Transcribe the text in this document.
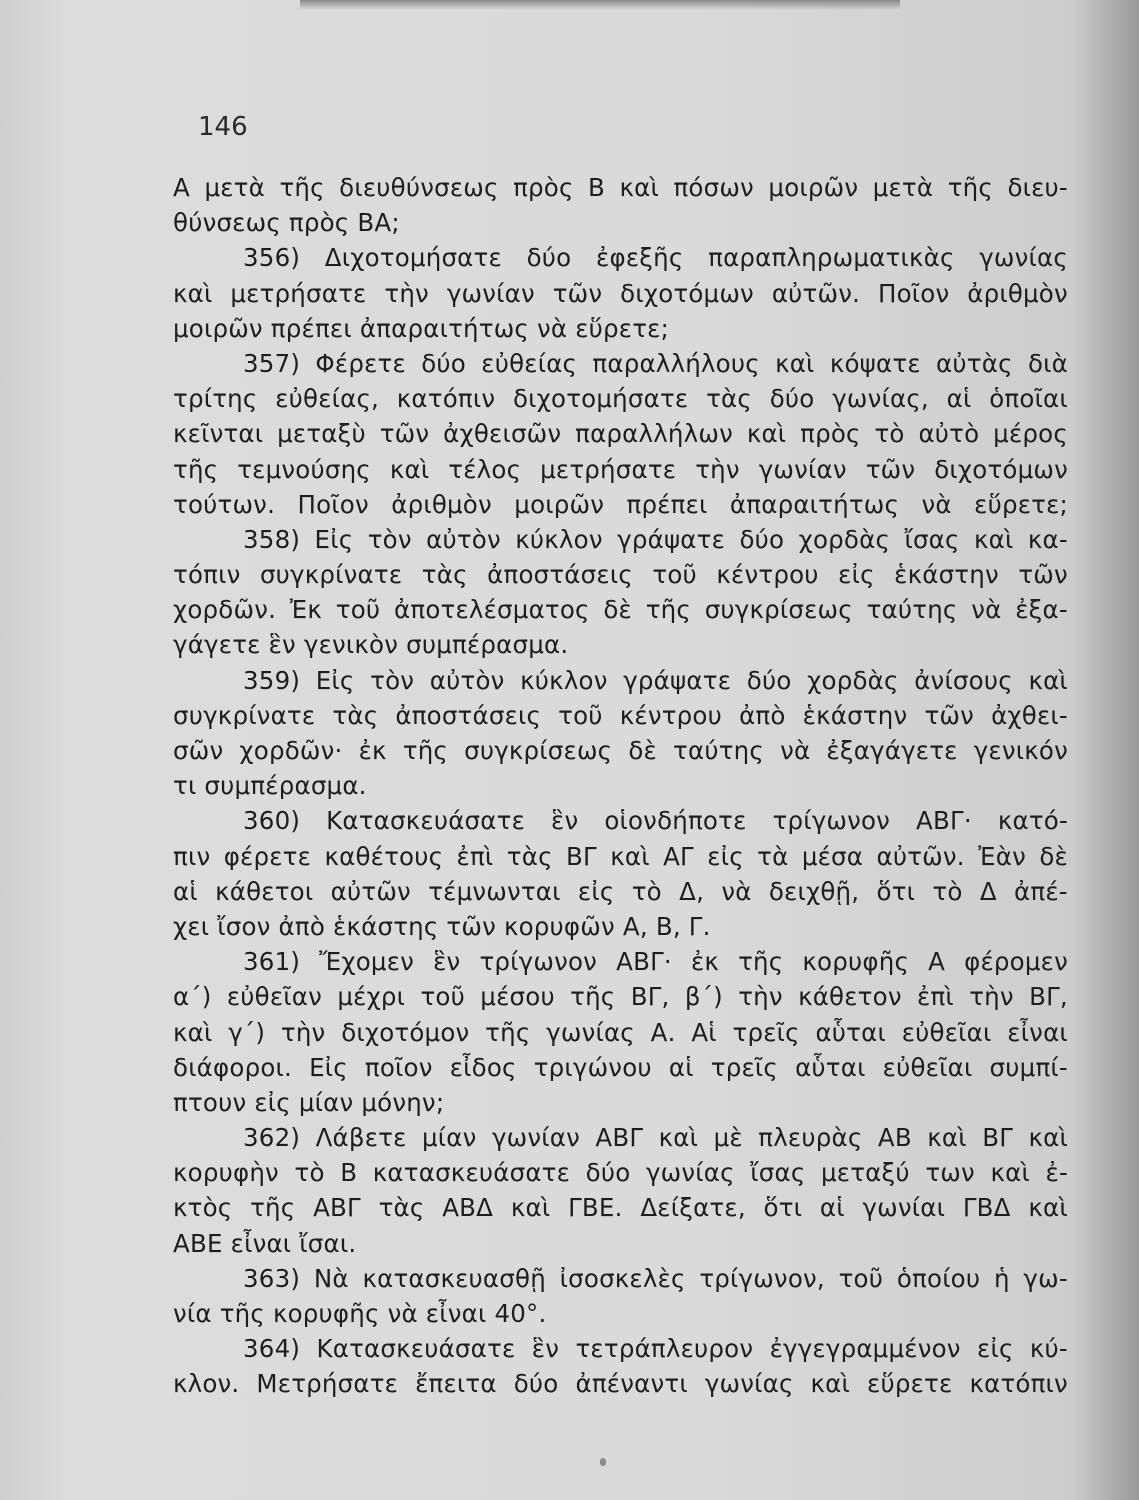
146
Α μετὰ τῆς διευθύνσεως πρὸς Β καὶ πόσων μοιρῶν μετὰ τῆς διευ-
θύνσεως πρὸς ΒΑ;
356) Διχοτομήσατε δύο ἐφεξῆς παραπληρωματικὰς γωνίας
καὶ μετρήσατε τὴν γωνίαν τῶν διχοτόμων αὐτῶν. Ποῖον ἀριθμὸν
μοιρῶν πρέπει ἀπαραιτήτως νὰ εὕρετε;
357) Φέρετε δύο εὐθείας παραλλήλους καὶ κόψατε αὐτὰς διὰ
τρίτης εὐθείας, κατόπιν διχοτομήσατε τὰς δύο γωνίας, αἱ ὁποῖαι
κεῖνται μεταξὺ τῶν ἀχθεισῶν παραλλήλων καὶ πρὸς τὸ αὐτὸ μέρος
τῆς τεμνούσης καὶ τέλος μετρήσατε τὴν γωνίαν τῶν διχοτόμων
τούτων. Ποῖον ἀριθμὸν μοιρῶν πρέπει ἀπαραιτήτως νὰ εὕρετε;
358) Εἰς τὸν αὐτὸν κύκλον γράψατε δύο χορδὰς ἴσας καὶ κα-
τόπιν συγκρίνατε τὰς ἀποστάσεις τοῦ κέντρου εἰς ἑκάστην τῶν
χορδῶν. Ἐκ τοῦ ἀποτελέσματος δὲ τῆς συγκρίσεως ταύτης νὰ ἐξα-
γάγετε ἓν γενικὸν συμπέρασμα.
359) Εἰς τὸν αὐτὸν κύκλον γράψατε δύο χορδὰς ἀνίσους καὶ
συγκρίνατε τὰς ἀποστάσεις τοῦ κέντρου ἀπὸ ἑκάστην τῶν ἀχθει-
σῶν χορδῶν· ἐκ τῆς συγκρίσεως δὲ ταύτης νὰ ἐξαγάγετε γενικόν
τι συμπέρασμα.
360) Κατασκευάσατε ἓν οἱονδήποτε τρίγωνον ΑΒΓ· κατό-
πιν φέρετε καθέτους ἐπὶ τὰς ΒΓ καὶ ΑΓ εἰς τὰ μέσα αὐτῶν. Ἐὰν δὲ
αἱ κάθετοι αὐτῶν τέμνωνται εἰς τὸ Δ, νὰ δειχθῇ, ὅτι τὸ Δ ἀπέ-
χει ἴσον ἀπὸ ἑκάστης τῶν κορυφῶν Α, Β, Γ.
361) Ἔχομεν ἓν τρίγωνον ΑΒΓ· ἐκ τῆς κορυφῆς Α φέρομεν
α΄) εὐθεῖαν μέχρι τοῦ μέσου τῆς ΒΓ, β΄) τὴν κάθετον ἐπὶ τὴν ΒΓ,
καὶ γ΄) τὴν διχοτόμον τῆς γωνίας Α. Αἱ τρεῖς αὗται εὐθεῖαι εἶναι
διάφοροι. Εἰς ποῖον εἶδος τριγώνου αἱ τρεῖς αὗται εὐθεῖαι συμπί-
πτουν εἰς μίαν μόνην;
362) Λάβετε μίαν γωνίαν ΑΒΓ καὶ μὲ πλευρὰς ΑΒ καὶ ΒΓ καὶ
κορυφὴν τὸ Β κατασκευάσατε δύο γωνίας ἴσας μεταξύ των καὶ ἐ-
κτὸς τῆς ΑΒΓ τὰς ΑΒΔ καὶ ΓΒΕ. Δείξατε, ὅτι αἱ γωνίαι ΓΒΔ καὶ
ΑΒΕ εἶναι ἴσαι.
363) Νὰ κατασκευασθῇ ἰσοσκελὲς τρίγωνον, τοῦ ὁποίου ἡ γω-
νία τῆς κορυφῆς νὰ εἶναι 40°.
364) Κατασκευάσατε ἓν τετράπλευρον ἐγγεγραμμένον εἰς κύ-
κλον. Μετρήσατε ἔπειτα δύο ἀπέναντι γωνίας καὶ εὕρετε κατόπιν
